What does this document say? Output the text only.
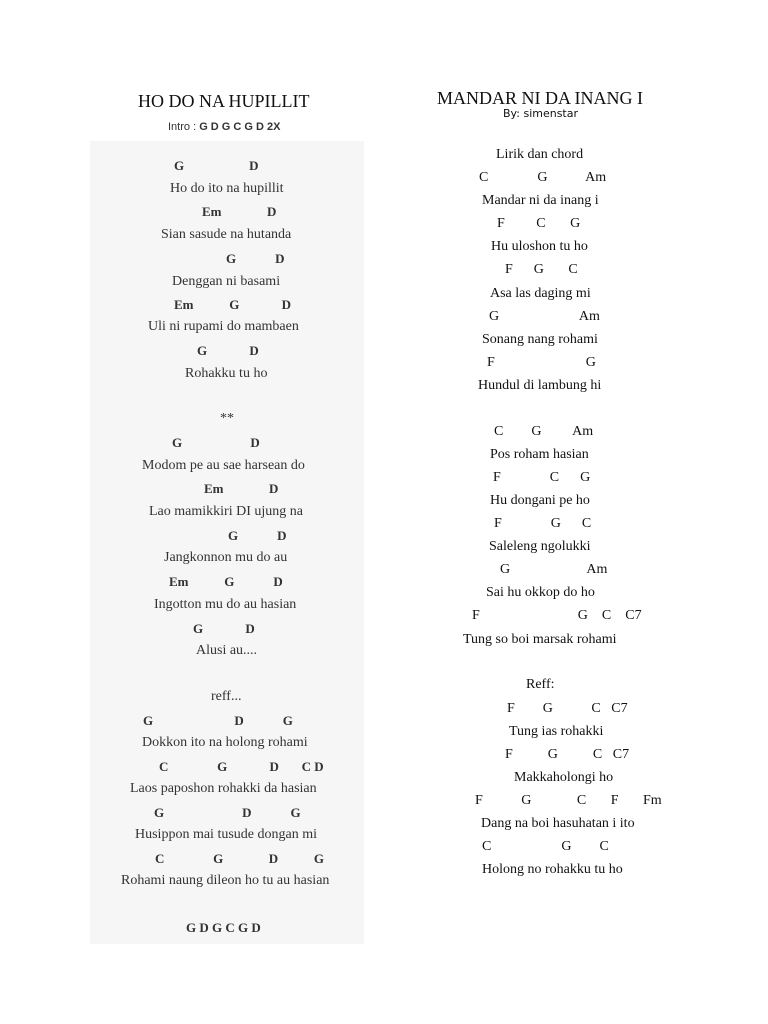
HO DO NA HUPILLIT
Intro : G D G C G D 2X
G                    D
Ho do ito na hupillit
Em              D
Sian sasude na hutanda
G            D
Denggan ni basami
Em           G             D
Uli ni rupami do mambaen
G             D
Rohakku tu ho
**
G                     D
Modom pe au sae harsean do
Em              D
Lao mamikkiri DI ujung na
G            D
Jangkonnon mu do au
Em           G            D
Ingotton mu do au hasian
G             D
Alusi au....
reff...
G                         D            G
Dokkon ito na holong rohami
C               G             D       C D
Laos paposhon rohakki da hasian
G                        D            G
Husippon mai tusude dongan mi
C               G              D           G
Rohami naung dileon ho tu au hasian
G D G C G D
MANDAR NI DA INANG I
By: simenstar
Lirik dan chord
C              G           Am
Mandar ni da inang i
F         C       G
Hu uloshon tu ho
F      G       C
Asa las daging mi
G                       Am
Sonang nang rohami
F                          G
Hundul di lambung hi
C        G         Am
Pos roham hasian
F              C      G
Hu dongani pe ho
F              G      C
Saleleng ngolukki
G                      Am
Sai hu okkop do ho
F                            G    C    C7
Tung so boi marsak rohami
Reff:
F        G           C   C7
Tung ias rohakki
F          G          C   C7
Makkaholongi ho
F           G             C       F       Fm
Dang na boi hasuhatan i ito
C                    G        C
Holong no rohakku tu ho
